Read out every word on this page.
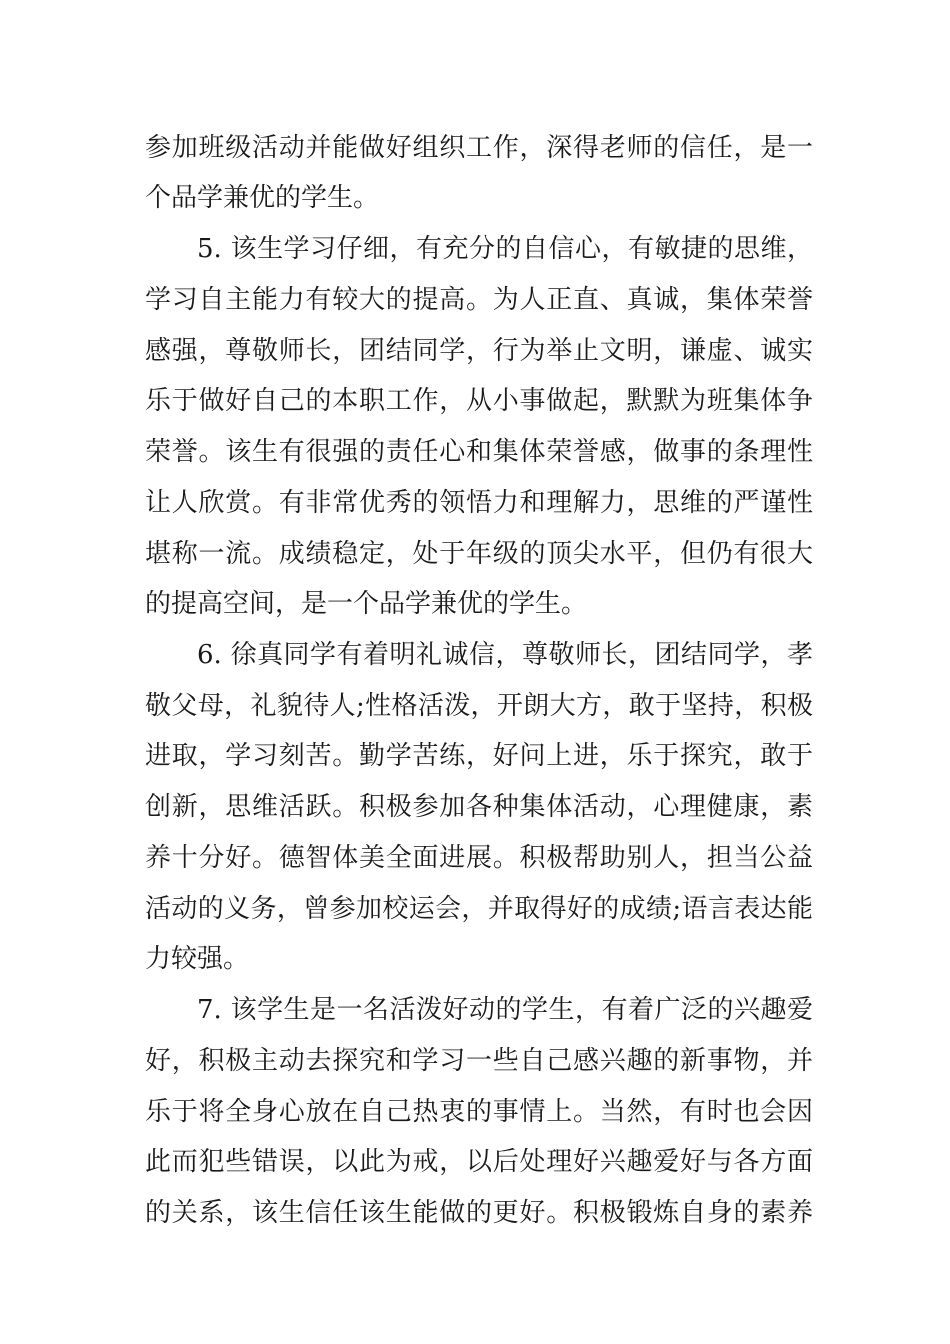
参加班级活动并能做好组织工作，深得老师的信任，是一
个品学兼优的学生。
5. 该生学习仔细，有充分的自信心，有敏捷的思维，
学习自主能力有较大的提高。为人正直、真诚，集体荣誉
感强，尊敬师长，团结同学，行为举止文明，谦虚、诚实
乐于做好自己的本职工作，从小事做起，默默为班集体争
荣誉。该生有很强的责任心和集体荣誉感，做事的条理性
让人欣赏。有非常优秀的领悟力和理解力，思维的严谨性
堪称一流。成绩稳定，处于年级的顶尖水平，但仍有很大
的提高空间，是一个品学兼优的学生。
6. 徐真同学有着明礼诚信，尊敬师长，团结同学，孝
敬父母，礼貌待人;性格活泼，开朗大方，敢于坚持，积极
进取，学习刻苦。勤学苦练，好问上进，乐于探究，敢于
创新，思维活跃。积极参加各种集体活动，心理健康，素
养十分好。德智体美全面进展。积极帮助别人，担当公益
活动的义务，曾参加校运会，并取得好的成绩;语言表达能
力较强。
7. 该学生是一名活泼好动的学生，有着广泛的兴趣爱
好，积极主动去探究和学习一些自己感兴趣的新事物，并
乐于将全身心放在自己热衷的事情上。当然，有时也会因
此而犯些错误，以此为戒，以后处理好兴趣爱好与各方面
的关系，该生信任该生能做的更好。积极锻炼自身的素养
